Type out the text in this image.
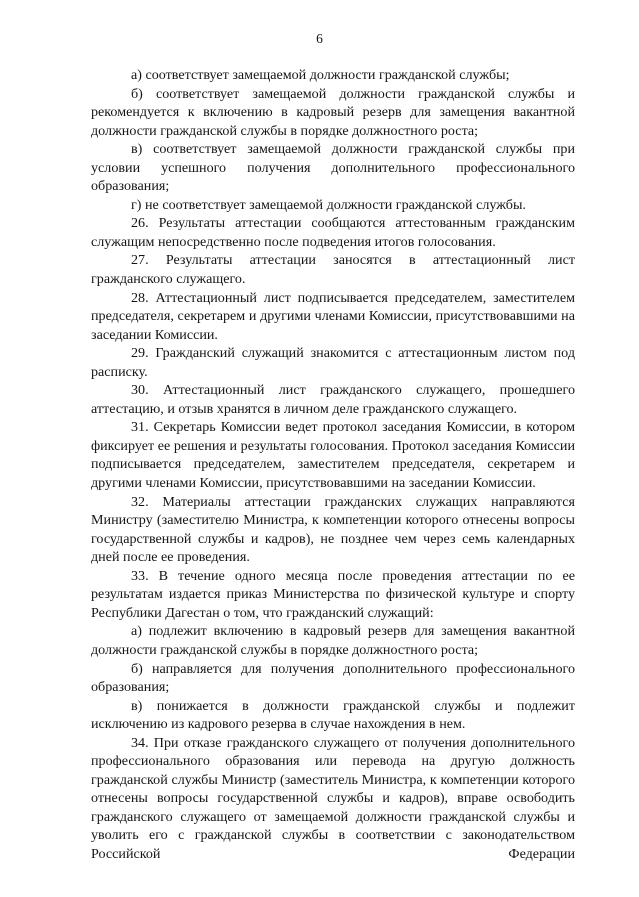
6

а) соответствует замещаемой должности гражданской службы;

б) соответствует замещаемой должности гражданской службы и рекомендуется к включению в кадровый резерв для замещения вакантной должности гражданской службы в порядке должностного роста;

в) соответствует замещаемой должности гражданской службы при условии успешного получения дополнительного профессионального образования;

г) не соответствует замещаемой должности гражданской службы.

26. Результаты аттестации сообщаются аттестованным гражданским служащим непосредственно после подведения итогов голосования.

27. Результаты аттестации заносятся в аттестационный лист гражданского служащего.

28. Аттестационный лист подписывается председателем, заместителем председателя, секретарем и другими членами Комиссии, присутствовавшими на заседании Комиссии.

29. Гражданский служащий знакомится с аттестационным листом под расписку.

30. Аттестационный лист гражданского служащего, прошедшего аттестацию, и отзыв хранятся в личном деле гражданского служащего.

31. Секретарь Комиссии ведет протокол заседания Комиссии, в котором фиксирует ее решения и результаты голосования. Протокол заседания Комиссии подписывается председателем, заместителем председателя, секретарем и другими членами Комиссии, присутствовавшими на заседании Комиссии.

32. Материалы аттестации гражданских служащих направляются Министру (заместителю Министра, к компетенции которого отнесены вопросы государственной службы и кадров), не позднее чем через семь календарных дней после ее проведения.

33. В течение одного месяца после проведения аттестации по ее результатам издается приказ Министерства по физической культуре и спорту Республики Дагестан о том, что гражданский служащий:

а) подлежит включению в кадровый резерв для замещения вакантной должности гражданской службы в порядке должностного роста;

б) направляется для получения дополнительного профессионального образования;

в) понижается в должности гражданской службы и подлежит исключению из кадрового резерва в случае нахождения в нем.

34. При отказе гражданского служащего от получения дополнительного профессионального образования или перевода на другую должность гражданской службы Министр (заместитель Министра, к компетенции которого отнесены вопросы государственной службы и кадров), вправе освободить гражданского служащего от замещаемой должности гражданской службы и уволить его с гражданской службы в соответствии с законодательством Российской Федерации
